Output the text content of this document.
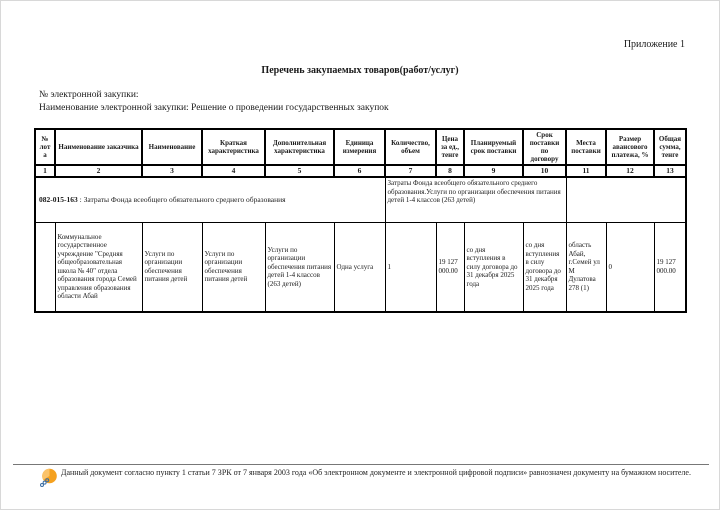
Приложение 1
Перечень закупаемых товаров(работ/услуг)
№ электронной закупки:
Наименование электронной закупки: Решение о проведении государственных закупок
№ лота	Наименование заказчика	Наименование	Краткая характеристика	Дополнительная характеристика	Единица измерения	Количество, объем	Цена за ед., тенге	Планируемый срок поставки	Срок поставки по договору	Места поставки	Размер авансового платежа, %	Общая сумма, тенге
1	2	3	4	5	6	7	8	9	10	11	12	13
082-015-163 : Затраты Фонда всеобщего обязательного среднего образования						Затраты Фонда всеобщего обязательного среднего образования.Услуги по организации обеспечения питания детей 1-4 классов (263 детей)						
	Коммунальное государственное учреждение "Средняя общеобразовательная школа № 40" отдела образования города Семей управления образования области Абай	Услуги по организации обеспечения питания детей	Услуги по организации обеспечения питания детей	Услуги по организации обеспечения питания детей 1-4 классов (263 детей)	Одна услуга	1	19 127 000.00	со дня вступления в силу договора до 31 декабря 2025 года	со дня вступления в силу договора до 31 декабря 2025 года	область Абай, г.Семей ул М Дулатова 278 (1)	0	19 127 000.00
Данный документ согласно пункту 1 статьи 7 ЗРК от 7 января 2003 года «Об электронном документе и электронной цифровой подписи» равнозначен документу на бумажном носителе.
